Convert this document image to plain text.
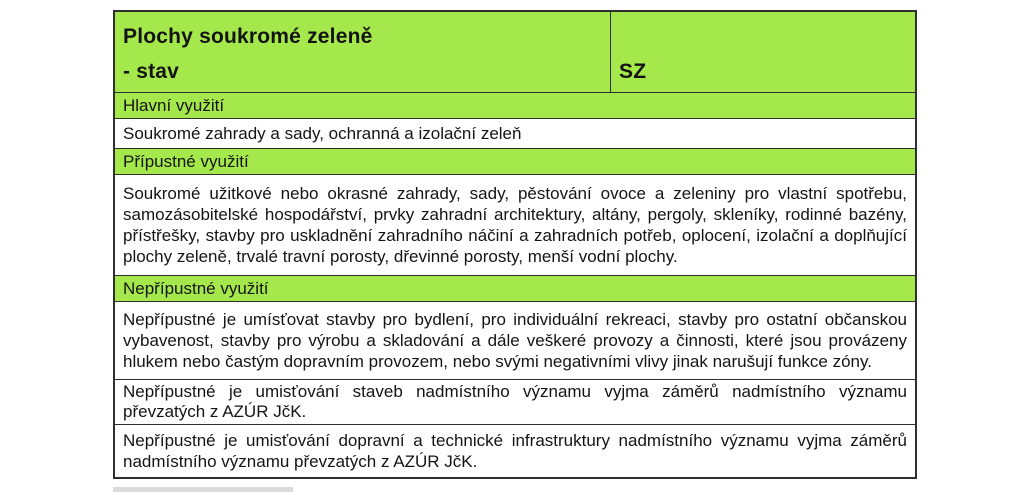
Plochy soukromé zeleně
- stav	SZ
Hlavní využití

Soukromé zahrady a sady, ochranná a izolační zeleň

Přípustné využití

Soukromé užitkové nebo okrasné zahrady, sady, pěstování ovoce a zeleniny pro vlastní spotřebu, samozásobitelské hospodářství, prvky zahradní architektury, altány, pergoly, skleníky, rodinné bazény, přístřešky, stavby pro uskladnění zahradního náčiní a zahradních potřeb, oplocení, izolační a doplňující plochy zeleně, trvalé travní porosty, dřevinné porosty, menší vodní plochy.

Nepřípustné využití

Nepřípustné je umísťovat stavby pro bydlení, pro individuální rekreaci, stavby pro ostatní občanskou vybavenost, stavby pro výrobu a skladování a dále veškeré provozy a činnosti, které jsou provázeny hlukem nebo častým dopravním provozem, nebo svými negativními vlivy jinak narušují funkce zóny.

Nepřípustné je umisťování staveb nadmístního významu vyjma záměrů nadmístního významu převzatých z AZÚR JčK.

Nepřípustné je umisťování dopravní a technické infrastruktury nadmístního významu vyjma záměrů nadmístního významu převzatých z AZÚR JčK.
